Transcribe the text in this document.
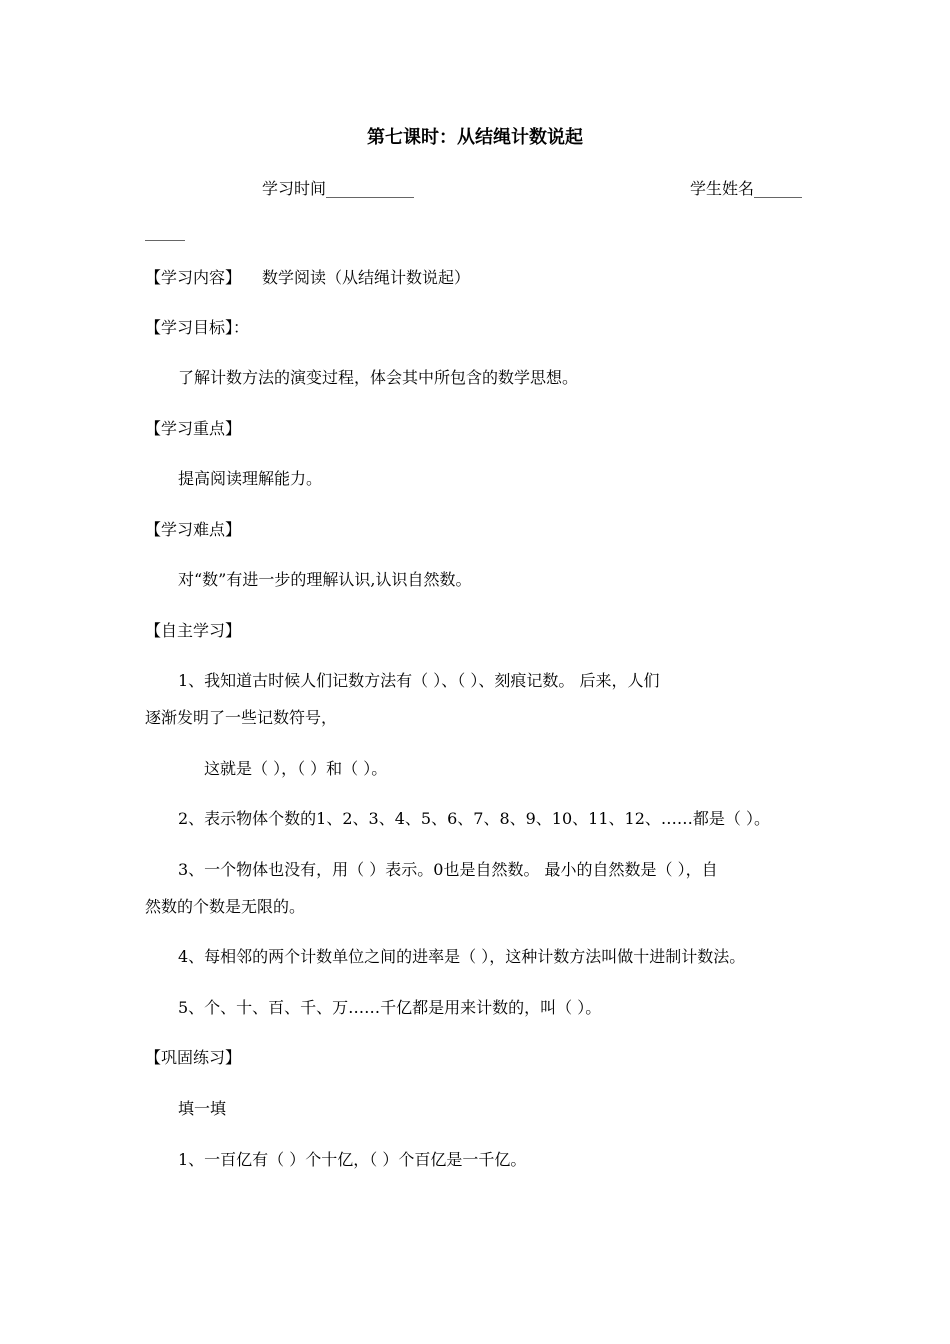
第七课时：从结绳计数说起
学习时间___________	学生姓名______
_____
【学习内容】 数学阅读（从结绳计数说起）
【学习目标】：
了解计数方法的演变过程，体会其中所包含的数学思想。
【学习重点】
提高阅读理解能力。
【学习难点】
对“数”有进一步的理解认识,认识自然数。
【自主学习】
1、我知道古时候人们记数方法有（ ）、（ ）、刻痕记数。 后来，人们
逐渐发明了一些记数符号，
这就是（ ），（ ）和（ ）。
2、表示物体个数的1、2、3、4、5、6、7、8、9、10、11、12、……都是（ ）。
3、一个物体也没有，用（ ）表示。0也是自然数。 最小的自然数是（ ），自
然数的个数是无限的。
4、每相邻的两个计数单位之间的进率是（ ），这种计数方法叫做十进制计数法。
5、个、十、百、千、万……千亿都是用来计数的，叫（ ）。
【巩固练习】
填一填
1、一百亿有（ ）个十亿，（ ）个百亿是一千亿。
